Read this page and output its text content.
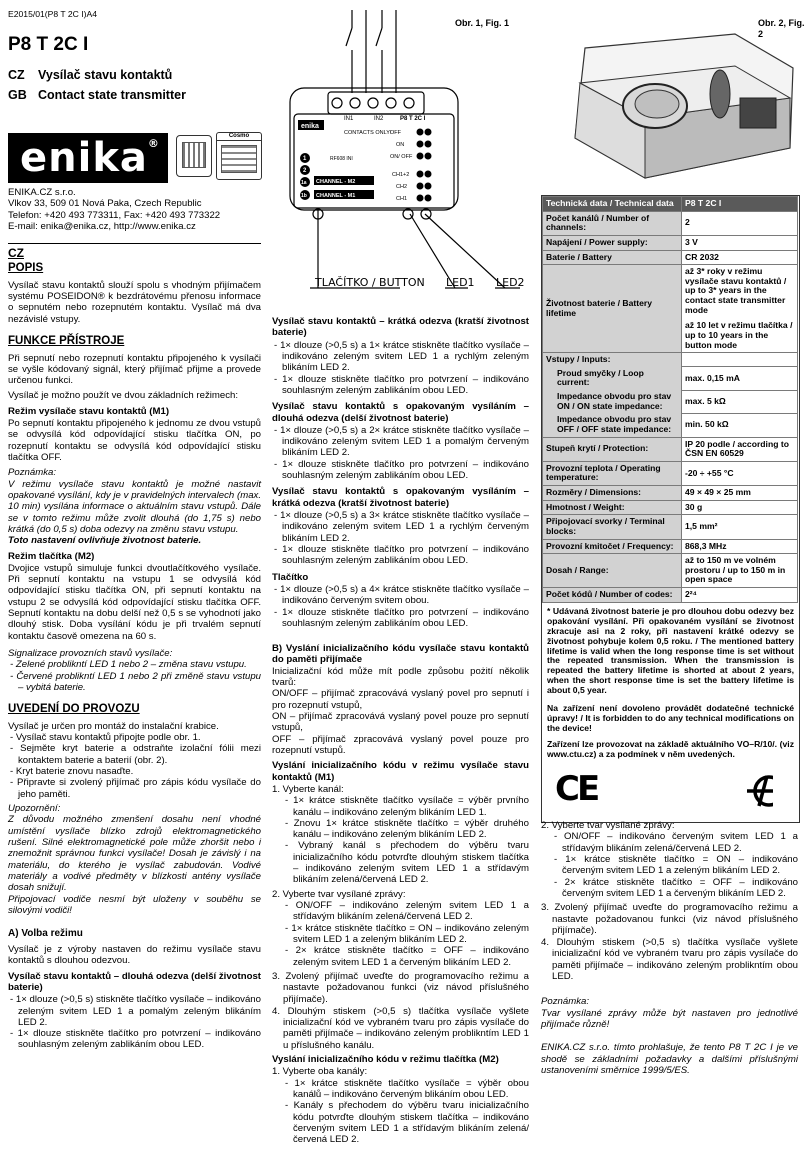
E2015/01(P8 T 2C I)A4
P8 T 2C I
CZ Vysílač stavu kontaktů
GB Contact state transmitter
enika®
Cosmo
ENIKA.CZ s.r.o.
Vlkov 33, 509 01 Nová Paka, Czech Republic
Telefon: +420 493 773311, Fax: +420 493 773322
E-mail: enika@enika.cz, http://www.enika.cz
Obr. 1, Fig. 1
enika
IN1	IN2	P8 T 2C I
CONTACTS ONLY!
OFF
ON
ON/ OFF
CH1+2
CH2
CH1
RF608 INI
CHANNEL - M2
CHANNEL - M1
1
2
1a
1b
TLAČÍTKO / BUTTON LED1 LED2
Obr. 2, Fig. 2
CZ
POPIS

Vysílač stavu kontaktů slouží spolu s vhodným přijímačem systému POSEIDON® k bezdrátovému přenosu informace o sepnutém nebo rozepnutém kontaktu. Vysílač má dva nezávislé vstupy.

FUNKCE PŘÍSTROJE

Při sepnutí nebo rozepnutí kontaktu připojeného k vysílači se vyšle kódovaný signál, který přijímač přijme a provede určenou funkci.

Vysílač je možno použít ve dvou základních režimech:

Režim vysílače stavu kontaktů (M1)

Po sepnutí kontaktu připojeného k jednomu ze dvou vstupů se odvysílá kód odpovídající stisku tlačítka ON, po rozepnutí kontaktu se odvysílá kód odpovídající stisku tlačítka OFF.

Poznámka:
V režimu vysílače stavu kontaktů je možné nastavit opakované vysílání, kdy je v pravidelných intervalech (max. 10 min) vysílána informace o aktuálním stavu vstupů. Dále se v tomto režimu může zvolit dlouhá (do 1,75 s) nebo krátká (do 0,5 s) doba odezvy na změnu stavu vstupu.

Toto nastavení ovlivňuje životnost baterie.

Režim tlačítka (M2)

Dvojice vstupů simuluje funkci dvoutlačítkového vysílače. Při sepnutí kontaktu na vstupu 1 se odvysílá kód odpovídající stisku tlačítka ON, při sepnutí kontaktu na vstupu 2 se odvysílá kód odpovídající stisku tlačítka OFF. Sepnutí kontaktu na dobu delší než 0,5 s se vyhodnotí jako dlouhý stisk. Doba vysílání kódu je při trvalém sepnutí kontaktu časově omezena na 60 s.

Signalizace provozních stavů vysílače:
- Zelené problikntí LED 1 nebo 2 – změna stavu vstupu.
- Červené problikntí LED 1 nebo 2 při změně stavu vstupu – vybitá baterie.
UVEDENÍ DO PROVOZU
Vysílač je určen pro montáž do instalační krabice.
- Vysílač stavu kontaktů připojte podle obr. 1.
- Sejměte kryt baterie a odstraňte izolační fólii mezi kontaktem baterie a baterií (obr. 2).
- Kryt baterie znovu nasaďte.
- Připravte si zvolený přijímač pro zápis kódu vysílače do jeho paměti.
Upozornění:
Z důvodu možného zmenšení dosahu není vhodné umístění vysílače blízko zdrojů elektromagnetického rušení. Silné elektromagnetické pole může zhoršit nebo i znemožnit správnou funkci vysílače! Dosah je závislý i na materiálu, do kterého je vysílač zabudován. Vodivé materiály a vodivé předměty v blízkosti antény vysílače dosah snižují.

Připojovací vodiče nesmí být uloženy v souběhu se silovými vodiči!

A) Volba režimu

Vysílač je z výroby nastaven do režimu vysílače stavu kontaktů s dlouhou odezvou.

Vysílač stavu kontaktů – dlouhá odezva (delší životnost baterie)
- 1× dlouze (>0,5 s) stiskněte tlačítko vysílače – indikováno zeleným svitem LED 1 a pomalým zeleným blikáním LED 2.
- 1× dlouze stiskněte tlačítko pro potvrzení – indikováno souhlasným zeleným zablikáním obou LED.
Vysílač stavu kontaktů – krátká odezva (kratší životnost baterie)
- 1× dlouze (>0,5 s) a 1× krátce stiskněte tlačítko vysílače – indikováno zeleným svitem LED 1 a rychlým zeleným blikáním LED 2.
- 1× dlouze stiskněte tlačítko pro potvrzení – indikováno souhlasným zeleným zablikáním obou LED.
Vysílač stavu kontaktů s opakovaným vysíláním – dlouhá odezva (delší životnost baterie)
- 1× dlouze (>0,5 s) a 2× krátce stiskněte tlačítko vysílače – indikováno zeleným svitem LED 1 a pomalým červeným blikáním LED 2.
- 1× dlouze stiskněte tlačítko pro potvrzení – indikováno souhlasným zeleným zablikáním obou LED.
Vysílač stavu kontaktů s opakovaným vysíláním – krátká odezva (kratší životnost baterie)
- 1× dlouze (>0,5 s) a 3× krátce stiskněte tlačítko vysílače – indikováno zeleným svitem LED 1 a rychlým červeným blikáním LED 2.
- 1× dlouze stiskněte tlačítko pro potvrzení – indikováno souhlasným zeleným zablikáním obou LED.
Tlačítko
- 1× dlouze (>0,5 s) a 4× krátce stiskněte tlačítko vysílače – indikováno červeným svitem obou.
- 1× dlouze stiskněte tlačítko pro potvrzení – indikováno souhlasným zeleným zablikáním obou LED.
B) Vyslání inicializačního kódu vysílače stavu kontaktů do paměti přijímače
Inicializační kód může mít podle způsobu pożití několik tvarů:
ON/OFF – přijímač zpracovává vyslaný povel pro sepnutí i pro rozepnutí vstupů,
ON – přijímač zpracovává vyslaný povel pouze pro sepnutí vstupů,
OFF – přijímač zpracovává vyslaný povel pouze pro rozepnutí vstupů.
Vyslání inicializačního kódu v režimu vysílače stavu kontaktů (M1)
1. Vyberte kanál:
- 1× krátce stiskněte tlačítko vysílače = výběr prvního kanálu – indikováno zeleným blikáním LED 1.
- Znovu 1× krátce stiskněte tlačítko = výběr druhého kanálu – indikováno zeleným blikáním LED 2.
- Vybraný kanál s přechodem do výběru tvaru inicializačního kódu potvrďte dlouhým stiskem tlačítka – indikováno zeleným svitem LED 1 a střídavým blikáním zelená/červená LED 2.
2. Vyberte tvar vysílané zprávy:
- ON/OFF – indikováno zeleným svitem LED 1 a střídavým blikáním zelená/červená LED 2.
- 1× krátce stiskněte tlačítko = ON – indikováno zeleným svitem LED 1 a zeleným blikáním LED 2.
- 2× krátce stiskněte tlačítko = OFF – indikováno zeleným svitem LED 1 a červeným blikáním LED 2.
3. Zvolený přijímač uveďte do programovacího režimu a nastavte požadovanou funkci (viz návod příslušného přijímače).
4. Dlouhým stiskem (>0,5 s) tlačítka vysílače vyšlete inicializační kód ve vybraném tvaru pro zápis vysílače do paměti přijímače – indikováno zeleným problikntím LED 1 u příslušného kanálu.
Vyslání inicializačního kódu v režimu tlačítka (M2)
1. Vyberte oba kanály:
- 1× krátce stiskněte tlačítko vysílače = výběr obou kanálů – indikováno červeným blikáním obou LED.
- Kanály s přechodem do výběru tvaru inicializačního kódu potvrďte dlouhým stiskem tlačítka – indikováno červeným svitem LED 1 a střídavým blikáním zelená/červená LED 2.
Technická data / Technical data	P8 T 2C I
Počet kanálů / Number of channels:	2
Napájení / Power supply:	3 V
Baterie / Battery	CR 2032
Životnost baterie / Battery lifetime	až 3* roky v režimu vysílače stavu kontaktů / up to 3* years in the contact state transmitter mode
až 10 let v režimu tlačítka / up to 10 years in the button mode

Vstupy / Inputs:	
Proud smyčky / Loop current:	max. 0,15 mA
Impedance obvodu pro stav ON / ON state impedance:	max. 5 kΩ
Impedance obvodu pro stav OFF / OFF state impedance:	min. 50 kΩ
Stupeň krytí / Protection:	IP 20 podle / according to ČSN EN 60529
Provozní teplota / Operating temperature:	-20 ÷ +55 °C
Rozměry / Dimensions:	49 × 49 × 25 mm
Hmotnost / Weight:	30 g
Připojovací svorky / Terminal blocks:	1,5 mm²
Provozní kmitočet / Frequency:	868,3 MHz
Dosah / Range:	až to 150 m ve volném prostoru / up to 150 m in open space
Počet kódů / Number of codes:	2²⁴

* Udávaná životnost baterie je pro dlouhou dobu odezvy bez opakování vysílání. Při opakovaném vysílání se životnost zkracuje asi na 2 roky, při nastavení krátké odezvy se životnost pohybuje kolem 0,5 roku. / The mentioned battery lifetime is valid when the long response time is set without the repeated transmission. When the transmission is repeated the battery lifetime is shorted at about 2 years, when the short response time is set the battery lifetime is about 0,5 year.

Na zařízení není dovoleno provádět dodatečné technické úpravy! / It is forbidden to do any technical modifications on the device!

Zařízení lze provozovat na základě aktuálního VO–R/10/. (viz www.ctu.cz) a za podmínek v něm uvedených.

CE
2. Vyberte tvar vysílané zprávy:
- ON/OFF – indikováno červeným svitem LED 1 a střídavým blikáním zelená/červená LED 2.
- 1× krátce stiskněte tlačítko = ON – indikováno červeným svitem LED 1 a zeleným blikáním LED 2.
- 2× krátce stiskněte tlačítko = OFF – indikováno červeným svitem LED 1 a červeným blikáním LED 2.
3. Zvolený přijímač uveďte do programovacího režimu a nastavte požadovanou funkci (viz návod příslušného přijímače).
4. Dlouhým stiskem (>0,5 s) tlačítka vysílače vyšlete inicializační kód ve vybraném tvaru pro zápis vysílače do paměti přijímače – indikováno zeleným problikntím obou LED.
Poznámka:

Tvar vysílané zprávy může být nastaven pro jednotlivé přijímače různě!

ENIKA.CZ s.r.o. tímto prohlašuje, že tento P8 T 2C I je ve shodě se základními požadavky a dalšími příslušnými ustanoveními směrnice 1999/5/ES.
